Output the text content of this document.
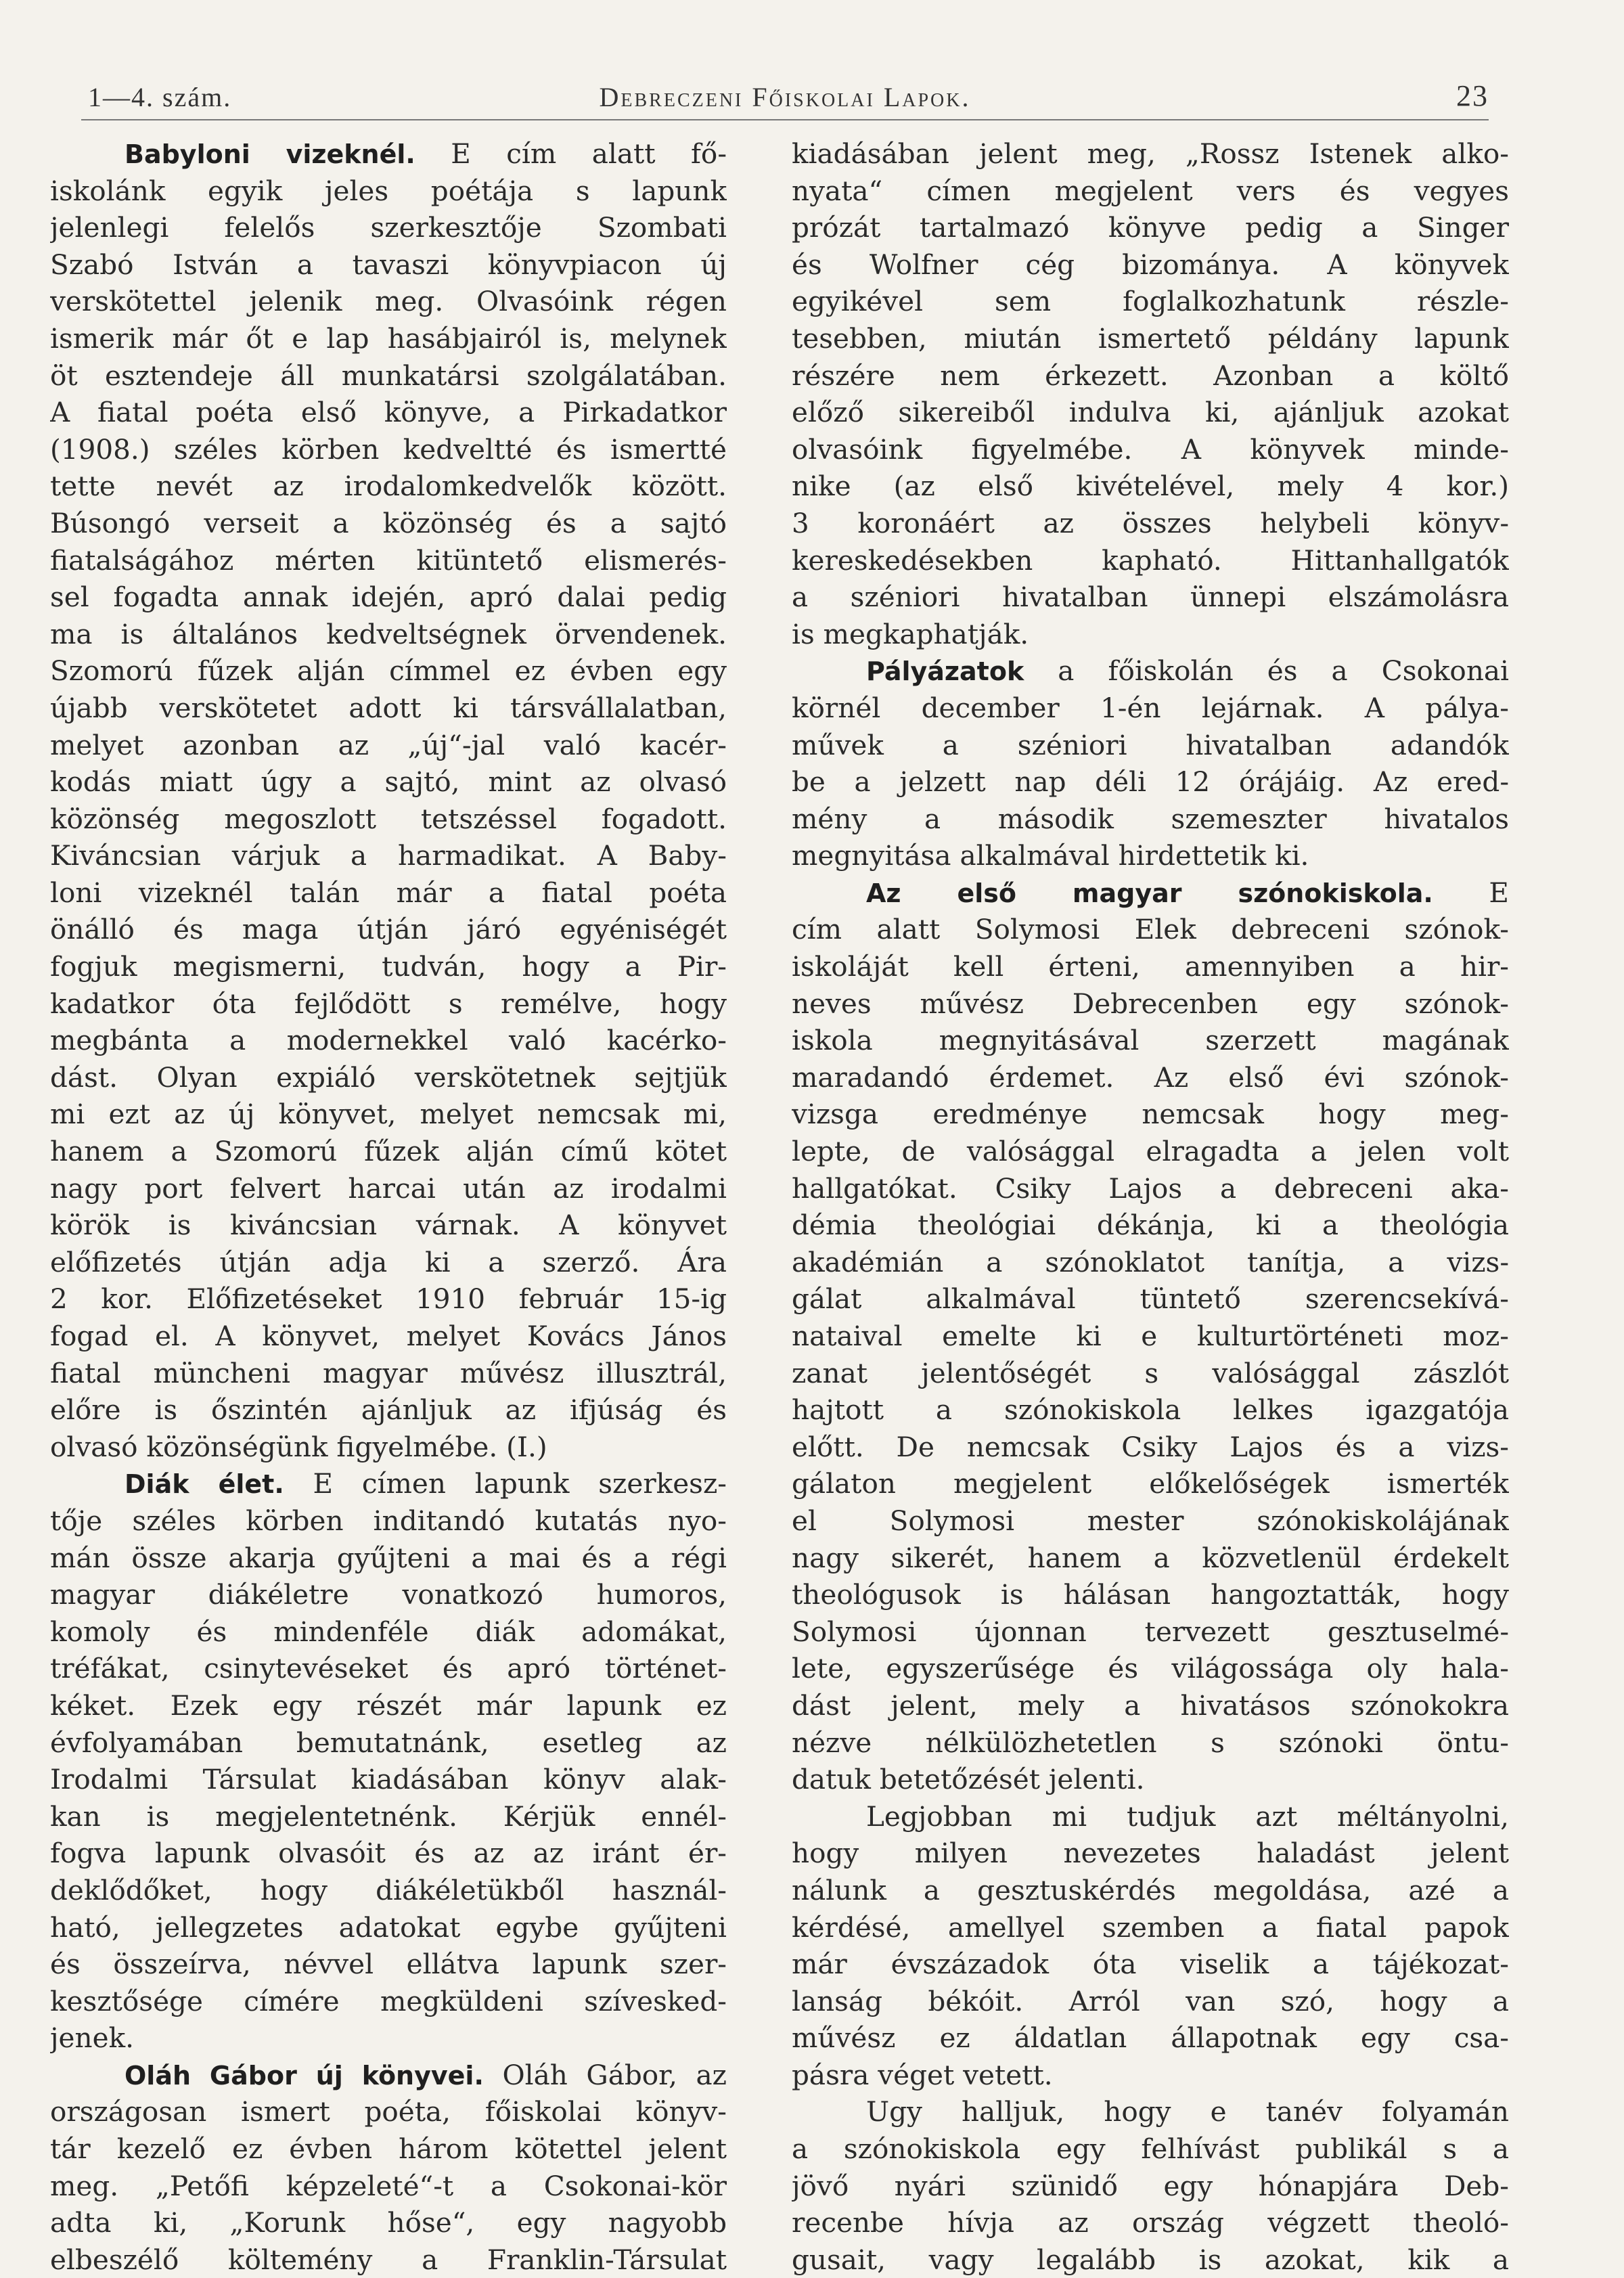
1—4. szám.	Debreczeni Főiskolai Lapok.	23
Babyloni vizeknél. E cím alatt fő-
iskolánk egyik jeles poétája s lapunk
jelenlegi felelős szerkesztője Szombati
Szabó István a tavaszi könyvpiacon új
verskötettel jelenik meg. Olvasóink régen
ismerik már őt e lap hasábjairól is, melynek
öt esztendeje áll munkatársi szolgálatában.
A fiatal poéta első könyve, a Pirkadatkor
(1908.) széles körben kedveltté és ismertté
tette nevét az irodalomkedvelők között.
Búsongó verseit a közönség és a sajtó
fiatalságához mérten kitüntető elismerés-
sel fogadta annak idején, apró dalai pedig
ma is általános kedveltségnek örvendenek.
Szomorú fűzek alján címmel ez évben egy
újabb verskötetet adott ki társvállalatban,
melyet azonban az „új“-jal való kacér-
kodás miatt úgy a sajtó, mint az olvasó
közönség megoszlott tetszéssel fogadott.
Kiváncsian várjuk a harmadikat. A Baby-
loni vizeknél talán már a fiatal poéta
önálló és maga útján járó egyéniségét
fogjuk megismerni, tudván, hogy a Pir-
kadatkor óta fejlődött s remélve, hogy
megbánta a modernekkel való kacérko-
dást. Olyan expiáló verskötetnek sejtjük
mi ezt az új könyvet, melyet nemcsak mi,
hanem a Szomorú fűzek alján című kötet
nagy port felvert harcai után az irodalmi
körök is kiváncsian várnak. A könyvet
előfizetés útján adja ki a szerző. Ára
2 kor. Előfizetéseket 1910 február 15-ig
fogad el. A könyvet, melyet Kovács János
fiatal müncheni magyar művész illusztrál,
előre is őszintén ajánljuk az ifjúság és
olvasó közönségünk figyelmébe. (I.)
Diák élet. E címen lapunk szerkesz-
tője széles körben inditandó kutatás nyo-
mán össze akarja gyűjteni a mai és a régi
magyar diákéletre vonatkozó humoros,
komoly és mindenféle diák adomákat,
tréfákat, csinytevéseket és apró történet-
kéket. Ezek egy részét már lapunk ez
évfolyamában bemutatnánk, esetleg az
Irodalmi Társulat kiadásában könyv alak-
kan is megjelentetnénk. Kérjük ennél-
fogva lapunk olvasóit és az az iránt ér-
deklődőket, hogy diákéletükből használ-
ható, jellegzetes adatokat egybe gyűjteni
és összeírva, névvel ellátva lapunk szer-
kesztősége címére megküldeni szívesked-
jenek.
Oláh Gábor új könyvei. Oláh Gábor, az
országosan ismert poéta, főiskolai könyv-
tár kezelő ez évben három kötettel jelent
meg. „Petőfi képzeleté“-t a Csokonai-kör
adta ki, „Korunk hőse“, egy nagyobb
elbeszélő költemény a Franklin-Társulat
kiadásában jelent meg, „Rossz Istenek alko-
nyata“ címen megjelent vers és vegyes
prózát tartalmazó könyve pedig a Singer
és Wolfner cég bizománya. A könyvek
egyikével sem foglalkozhatunk részle-
tesebben, miután ismertető példány lapunk
részére nem érkezett. Azonban a költő
előző sikereiből indulva ki, ajánljuk azokat
olvasóink figyelmébe. A könyvek minde-
nike (az első kivételével, mely 4 kor.)
3 koronáért az összes helybeli könyv-
kereskedésekben kapható. Hittanhallgatók
a széniori hivatalban ünnepi elszámolásra
is megkaphatják.
Pályázatok a főiskolán és a Csokonai
körnél december 1-én lejárnak. A pálya-
művek a széniori hivatalban adandók
be a jelzett nap déli 12 órájáig. Az ered-
mény a második szemeszter hivatalos
megnyitása alkalmával hirdettetik ki.
Az első magyar szónokiskola. E
cím alatt Solymosi Elek debreceni szónok-
iskoláját kell érteni, amennyiben a hir-
neves művész Debrecenben egy szónok-
iskola megnyitásával szerzett magának
maradandó érdemet. Az első évi szónok-
vizsga eredménye nemcsak hogy meg-
lepte, de valósággal elragadta a jelen volt
hallgatókat. Csiky Lajos a debreceni aka-
démia theológiai dékánja, ki a theológia
akadémián a szónoklatot tanítja, a vizs-
gálat alkalmával tüntető szerencsekívá-
nataival emelte ki e kulturtörténeti moz-
zanat jelentőségét s valósággal zászlót
hajtott a szónokiskola lelkes igazgatója
előtt. De nemcsak Csiky Lajos és a vizs-
gálaton megjelent előkelőségek ismerték
el Solymosi mester szónokiskolájának
nagy sikerét, hanem a közvetlenül érdekelt
theológusok is hálásan hangoztatták, hogy
Solymosi újonnan tervezett gesztuselmé-
lete, egyszerűsége és világossága oly hala-
dást jelent, mely a hivatásos szónokokra
nézve nélkülözhetetlen s szónoki öntu-
datuk betetőzését jelenti.
Legjobban mi tudjuk azt méltányolni,
hogy milyen nevezetes haladást jelent
nálunk a gesztuskérdés megoldása, azé a
kérdésé, amellyel szemben a fiatal papok
már évszázadok óta viselik a tájékozat-
lanság békóit. Arról van szó, hogy a
művész ez áldatlan állapotnak egy csa-
pásra véget vetett.
Ugy halljuk, hogy e tanév folyamán
a szónokiskola egy felhívást publikál s a
jövő nyári szünidő egy hónapjára Deb-
recenbe hívja az ország végzett theoló-
gusait, vagy legalább is azokat, kik a
